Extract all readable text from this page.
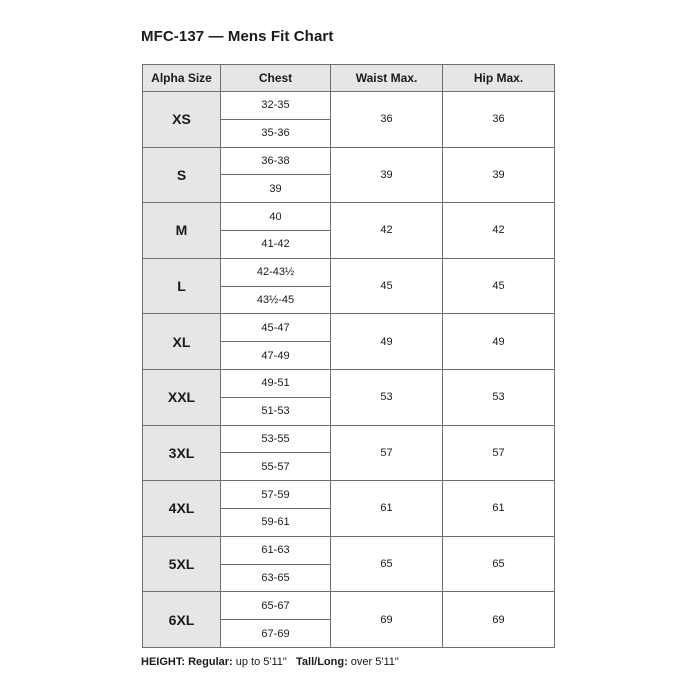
MFC-137 — Mens Fit Chart
Alpha Size	Chest	Waist Max.	Hip Max.
XS	32-35	36	36
	35-36		
S	36-38	39	39
	39		
M	40	42	42
	41-42		
L	42-43½	45	45
	43½-45		
XL	45-47	49	49
	47-49		
XXL	49-51	53	53
	51-53		
3XL	53-55	57	57
	55-57		
4XL	57-59	61	61
	59-61		
5XL	61-63	65	65
	63-65		
6XL	65-67	69	69
	67-69		
HEIGHT: Regular: up to 5'11" Tall/Long: over 5'11"
